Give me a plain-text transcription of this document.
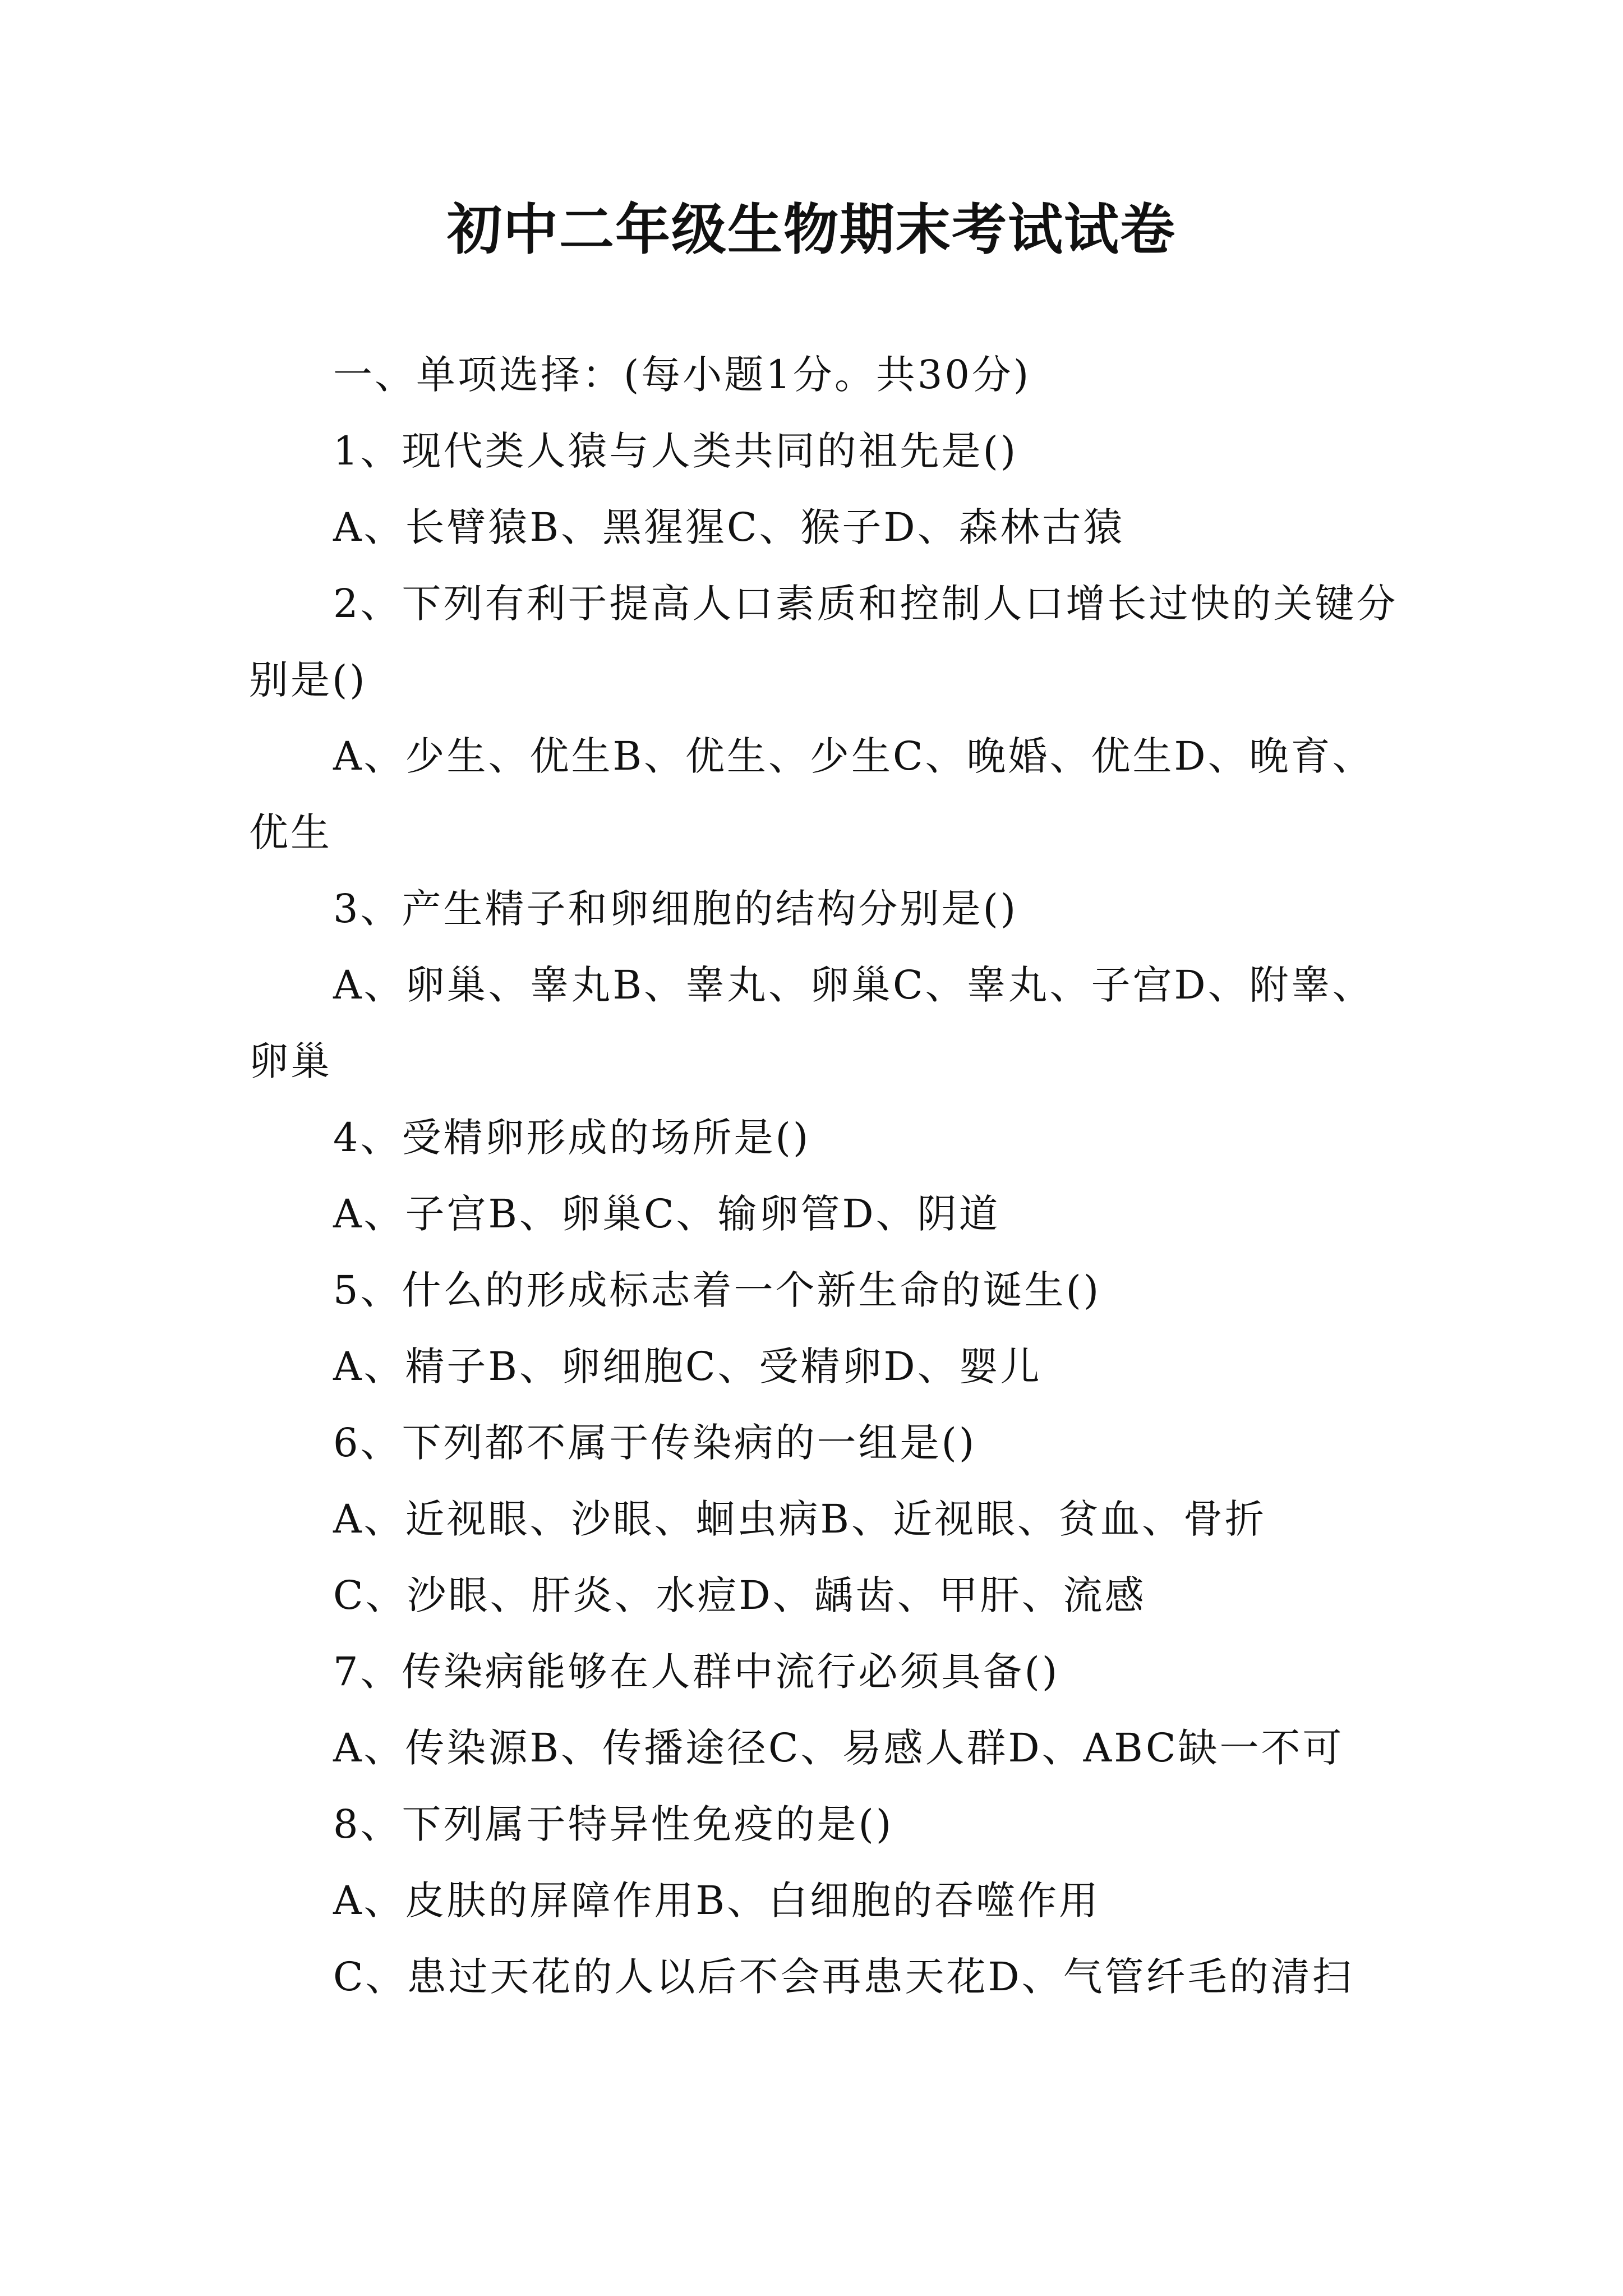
初中二年级生物期末考试试卷

一、单项选择：(每小题1分。共30分)

1、现代类人猿与人类共同的祖先是()

A、长臂猿B、黑猩猩C、猴子D、森林古猿

2、下列有利于提高人口素质和控制人口增长过快的关键分别是()

A、少生、优生B、优生、少生C、晚婚、优生D、晚育、优生

3、产生精子和卵细胞的结构分别是()

A、卵巢、睾丸B、睾丸、卵巢C、睾丸、子宫D、附睾、卵巢

4、受精卵形成的场所是()

A、子宫B、卵巢C、输卵管D、阴道

5、什么的形成标志着一个新生命的诞生()

A、精子B、卵细胞C、受精卵D、婴儿

6、下列都不属于传染病的一组是()

A、近视眼、沙眼、蛔虫病B、近视眼、贫血、骨折

C、沙眼、肝炎、水痘D、龋齿、甲肝、流感

7、传染病能够在人群中流行必须具备()

A、传染源B、传播途径C、易感人群D、ABC缺一不可

8、下列属于特异性免疫的是()

A、皮肤的屏障作用B、白细胞的吞噬作用

C、患过天花的人以后不会再患天花D、气管纤毛的清扫
